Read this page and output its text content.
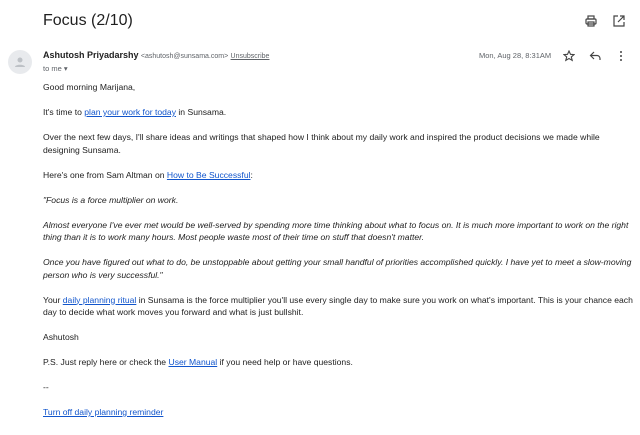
Focus (2/10)
Ashutosh Priyadarshy <ashutosh@sunsama.com> Unsubscribe
to me ▾
Mon, Aug 28, 8:31AM

Good morning Marijana,

It's time to plan your work for today in Sunsama.

Over the next few days, I'll share ideas and writings that shaped how I think about my daily work and inspired the product decisions we made while designing Sunsama.

Here's one from Sam Altman on How to Be Successful:

"Focus is a force multiplier on work.

Almost everyone I've ever met would be well-served by spending more time thinking about what to focus on. It is much more important to work on the right thing than it is to work many hours. Most people waste most of their time on stuff that doesn't matter.

Once you have figured out what to do, be unstoppable about getting your small handful of priorities accomplished quickly. I have yet to meet a slow-moving person who is very successful."

Your daily planning ritual in Sunsama is the force multiplier you'll use every single day to make sure you work on what's important. This is your chance each day to decide what work moves you forward and what is just bullshit.

Ashutosh

P.S. Just reply here or check the User Manual if you need help or have questions.

--

Turn off daily planning reminder
